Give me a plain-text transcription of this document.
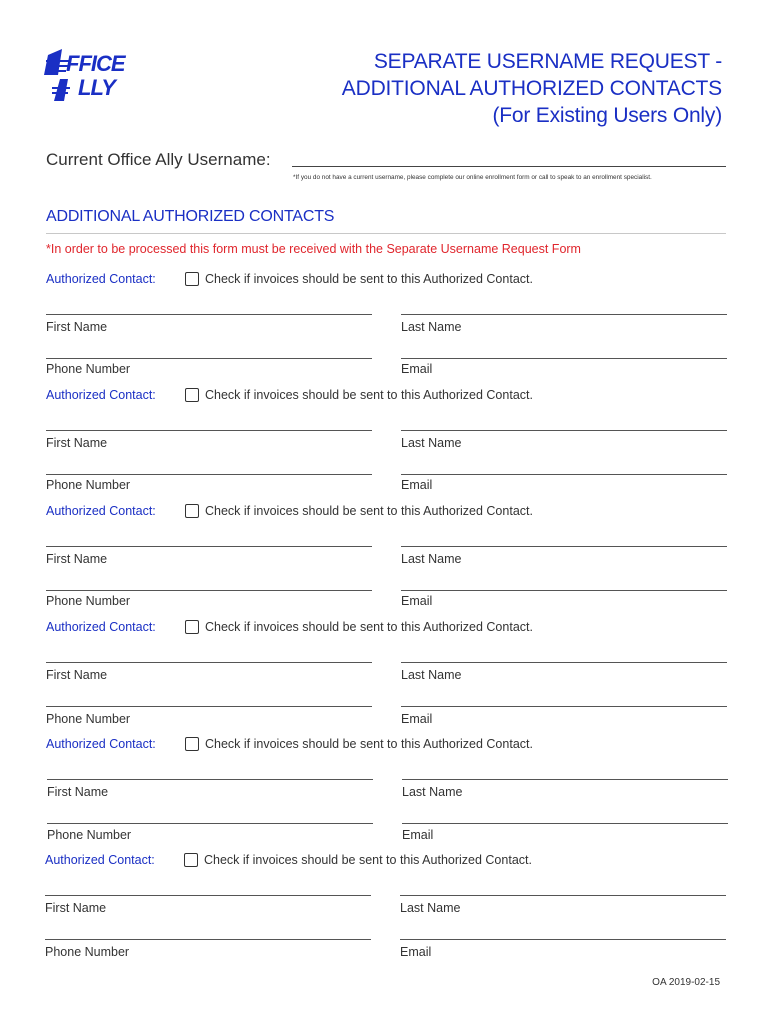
FFICE
LLY
SEPARATE USERNAME REQUEST -
ADDITIONAL AUTHORIZED CONTACTS
(For Existing Users Only)
Current Office Ally Username:
*If you do not have a current username, please complete our online enrollment form or call to speak to an enrollment specialist.
ADDITIONAL AUTHORIZED CONTACTS
*In order to be processed this form must be received with the Separate Username Request Form
Authorized Contact:	Check if invoices should be sent to this Authorized Contact.
First Name	Last Name
Phone Number	Email
Authorized Contact:	Check if invoices should be sent to this Authorized Contact.
First Name	Last Name
Phone Number	Email
Authorized Contact:	Check if invoices should be sent to this Authorized Contact.
First Name	Last Name
Phone Number	Email
Authorized Contact:	Check if invoices should be sent to this Authorized Contact.
First Name	Last Name
Phone Number	Email
Authorized Contact:	Check if invoices should be sent to this Authorized Contact.
First Name	Last Name
Phone Number	Email
Authorized Contact:	Check if invoices should be sent to this Authorized Contact.
First Name	Last Name
Phone Number	Email
OA 2019-02-15
